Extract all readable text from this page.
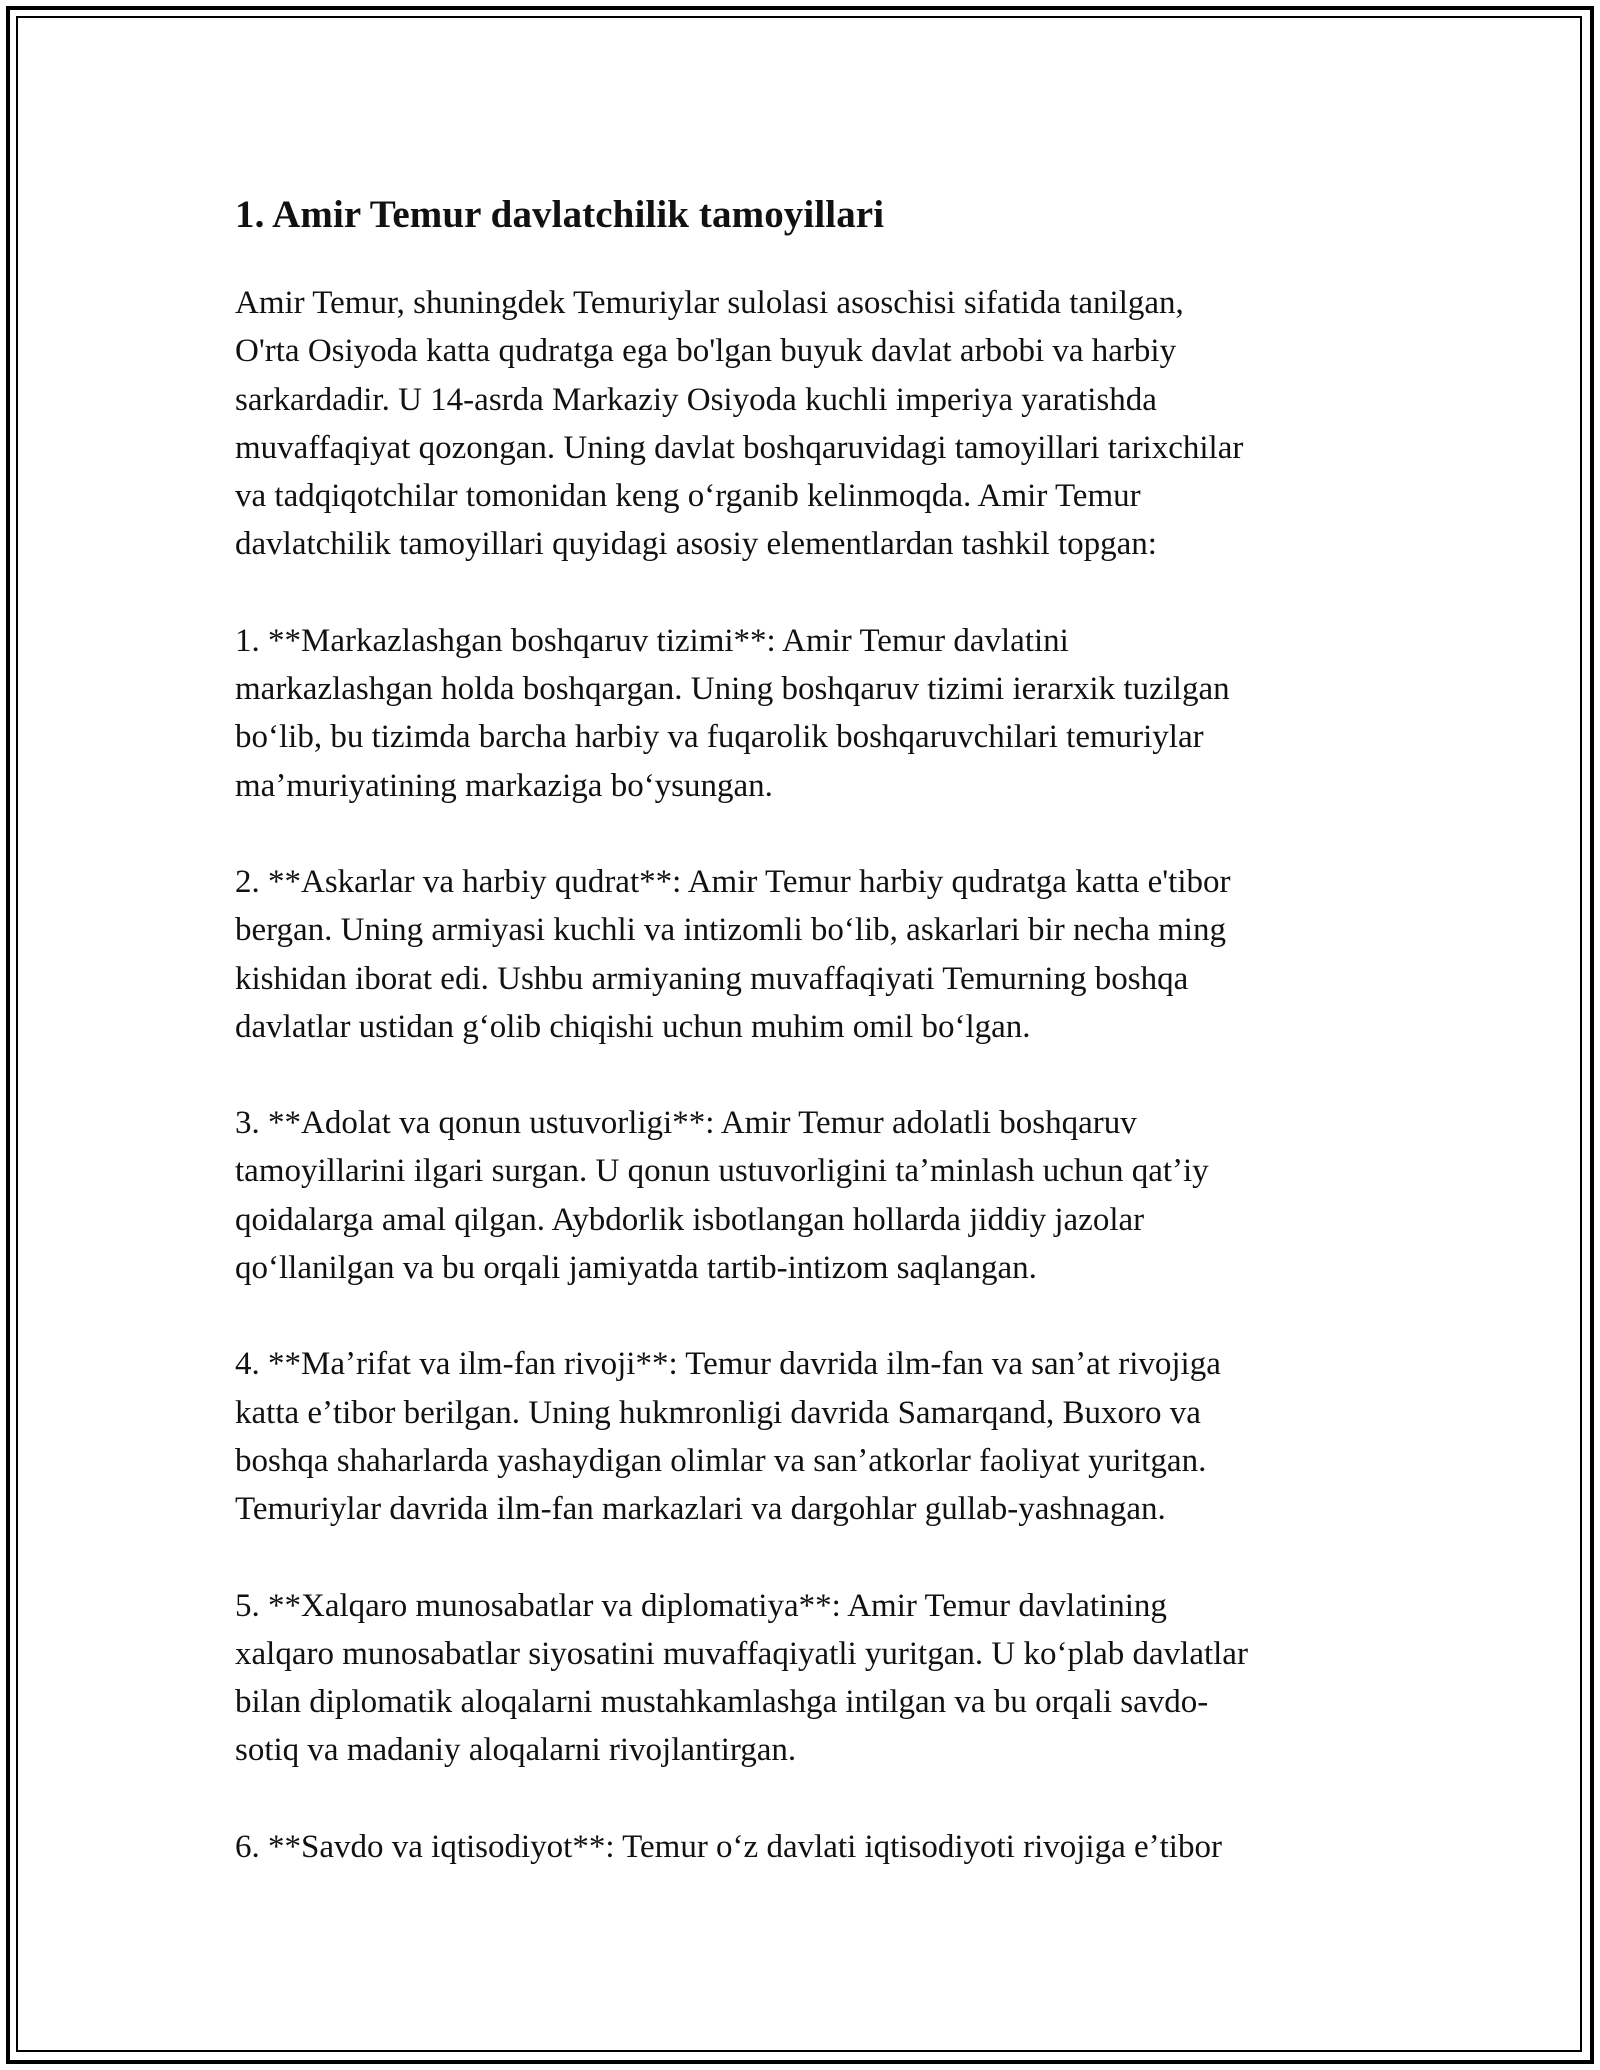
1. Amir Temur davlatchilik tamoyillari
Amir Temur, shuningdek Temuriylar sulolasi asoschisi sifatida tanilgan,
O'rta Osiyoda katta qudratga ega bo'lgan buyuk davlat arbobi va harbiy
sarkardadir. U 14-asrda Markaziy Osiyoda kuchli imperiya yaratishda
muvaffaqiyat qozongan. Uning davlat boshqaruvidagi tamoyillari tarixchilar
va tadqiqotchilar tomonidan keng oʻrganib kelinmoqda. Amir Temur
davlatchilik tamoyillari quyidagi asosiy elementlardan tashkil topgan:
1. **Markazlashgan boshqaruv tizimi**: Amir Temur davlatini
markazlashgan holda boshqargan. Uning boshqaruv tizimi ierarxik tuzilgan
boʻlib, bu tizimda barcha harbiy va fuqarolik boshqaruvchilari temuriylar
maʼmuriyatining markaziga boʻysungan.
2. **Askarlar va harbiy qudrat**: Amir Temur harbiy qudratga katta e'tibor
bergan. Uning armiyasi kuchli va intizomli boʻlib, askarlari bir necha ming
kishidan iborat edi. Ushbu armiyaning muvaffaqiyati Temurning boshqa
davlatlar ustidan gʻolib chiqishi uchun muhim omil boʻlgan.
3. **Adolat va qonun ustuvorligi**: Amir Temur adolatli boshqaruv
tamoyillarini ilgari surgan. U qonun ustuvorligini taʼminlash uchun qatʼiy
qoidalarga amal qilgan. Aybdorlik isbotlangan hollarda jiddiy jazolar
qoʻllanilgan va bu orqali jamiyatda tartib-intizom saqlangan.
4. **Maʼrifat va ilm-fan rivoji**: Temur davrida ilm-fan va sanʼat rivojiga
katta eʼtibor berilgan. Uning hukmronligi davrida Samarqand, Buxoro va
boshqa shaharlarda yashaydigan olimlar va sanʼatkorlar faoliyat yuritgan.
Temuriylar davrida ilm-fan markazlari va dargohlar gullab-yashnagan.
5. **Xalqaro munosabatlar va diplomatiya**: Amir Temur davlatining
xalqaro munosabatlar siyosatini muvaffaqiyatli yuritgan. U koʻplab davlatlar
bilan diplomatik aloqalarni mustahkamlashga intilgan va bu orqali savdo-
sotiq va madaniy aloqalarni rivojlantirgan.
6. **Savdo va iqtisodiyot**: Temur oʻz davlati iqtisodiyoti rivojiga eʼtibor
